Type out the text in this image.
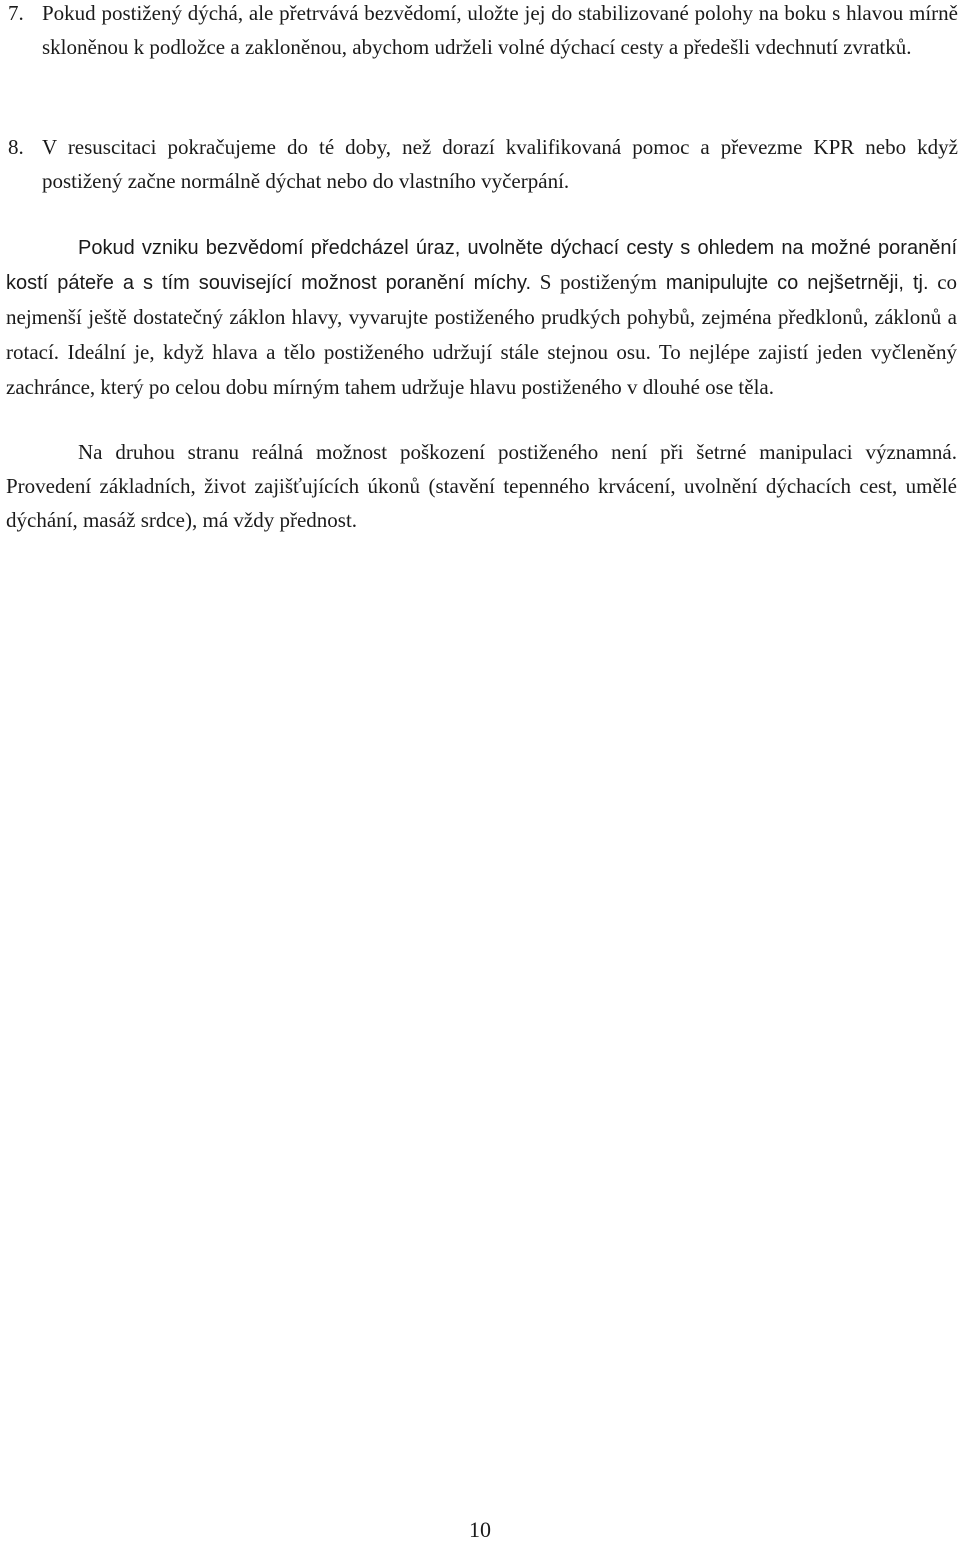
7. Pokud postižený dýchá, ale přetrvává bezvědomí, uložte jej do stabilizované polohy na boku s hlavou mírně skloněnou k podložce a zakloněnou, abychom udrželi volné dýchací cesty a předešli vdechnutí zvratků.
8. V resuscitaci pokračujeme do té doby, než dorazí kvalifikovaná pomoc a převezme KPR nebo když postižený začne normálně dýchat nebo do vlastního vyčerpání.

Pokud vzniku bezvědomí předcházel úraz, uvolněte dýchací cesty s ohledem na možné poranění kostí páteře a s tím související možnost poranění míchy. S postiženým manipulujte co nejšetrněji, tj. co nejmenší ještě dostatečný záklon hlavy, vyvarujte postiženého prudkých pohybů, zejména předklonů, záklonů a rotací. Ideální je, když hlava a tělo postiženého udržují stále stejnou osu. To nejlépe zajistí jeden vyčleněný zachránce, který po celou dobu mírným tahem udržuje hlavu postiženého v dlouhé ose těla.

Na druhou stranu reálná možnost poškození postiženého není při šetrné manipulaci významná. Provedení základních, život zajišťujících úkonů (stavění tepenného krvácení, uvolnění dýchacích cest, umělé dýchání, masáž srdce), má vždy přednost.
10
